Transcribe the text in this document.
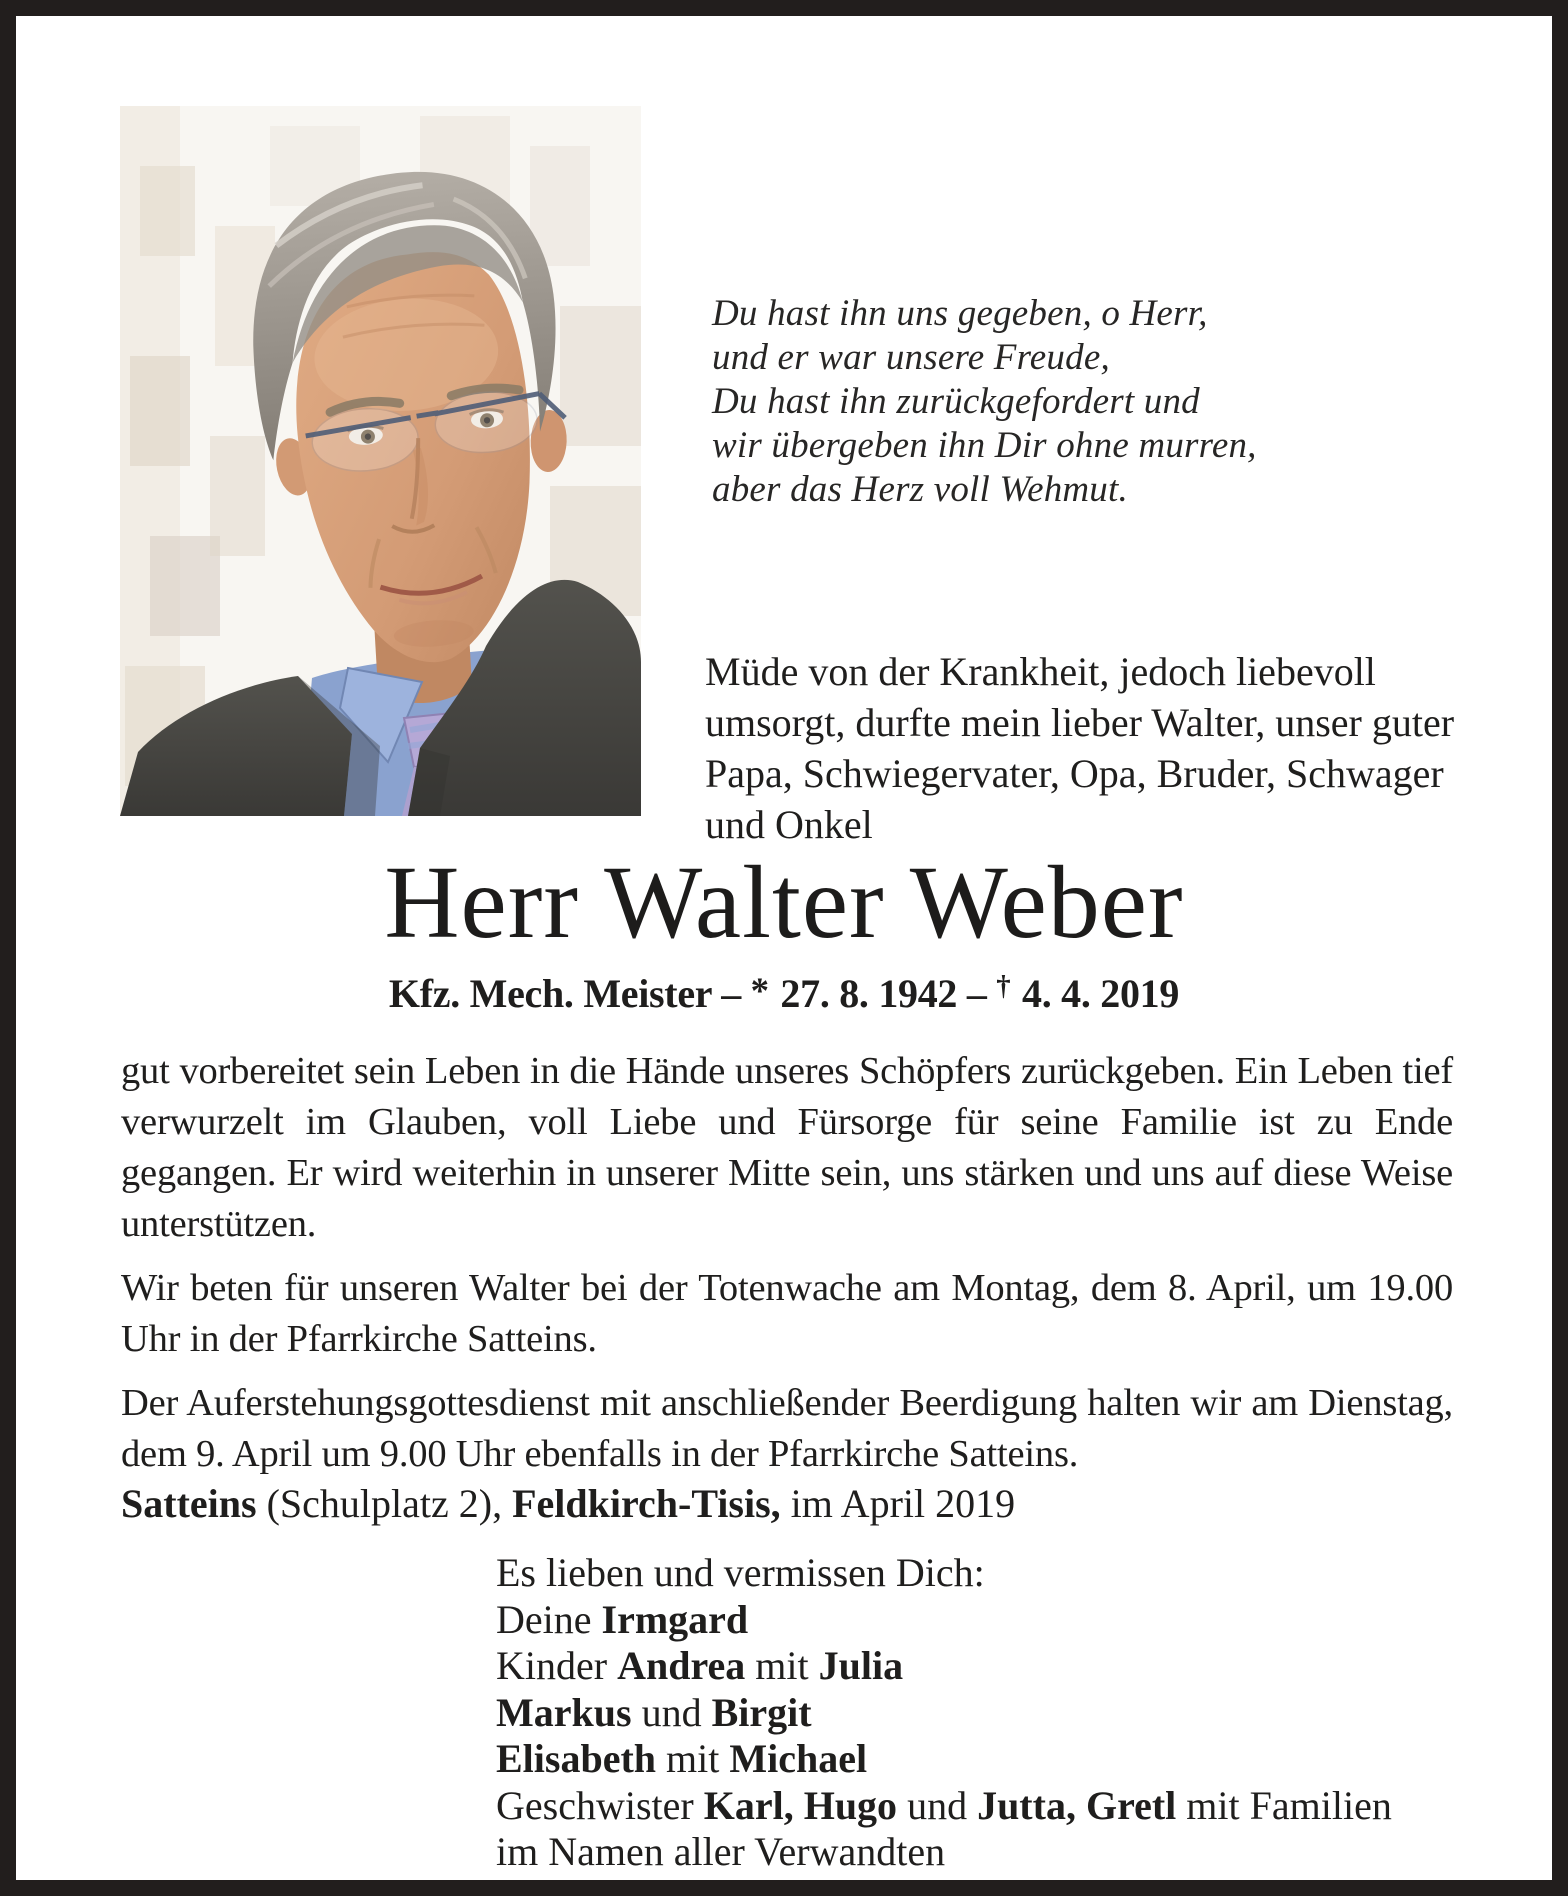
Du hast ihn uns gegeben, o Herr,
und er war unsere Freude,
Du hast ihn zurückgefordert und
wir übergeben ihn Dir ohne murren,
aber das Herz voll Wehmut.
Müde von der Krankheit, jedoch liebevoll umsorgt, durfte mein lieber Walter, unser guter Papa, Schwiegervater, Opa, Bruder, Schwager und Onkel
Herr Walter Weber
Kfz. Mech. Meister – * 27. 8. 1942 – † 4. 4. 2019

gut vorbereitet sein Leben in die Hände unseres Schöpfers zurückgeben. Ein Leben tief verwurzelt im Glauben, voll Liebe und Fürsorge für seine Familie ist zu Ende gegangen. Er wird weiterhin in unserer Mitte sein, uns stärken und uns auf diese Weise unterstützen.

Wir beten für unseren Walter bei der Totenwache am Montag, dem 8. April, um 19.00 Uhr in der Pfarrkirche Satteins.

Der Auferstehungsgottesdienst mit anschließender Beerdigung halten wir am Dienstag, dem 9. April um 9.00 Uhr ebenfalls in der Pfarrkirche Satteins.

Satteins (Schulplatz 2), Feldkirch-Tisis, im April 2019
Es lieben und vermissen Dich:
Deine Irmgard
Kinder Andrea mit Julia
Markus und Birgit
Elisabeth mit Michael
Geschwister Karl, Hugo und Jutta, Gretl mit Familien
im Namen aller Verwandten
